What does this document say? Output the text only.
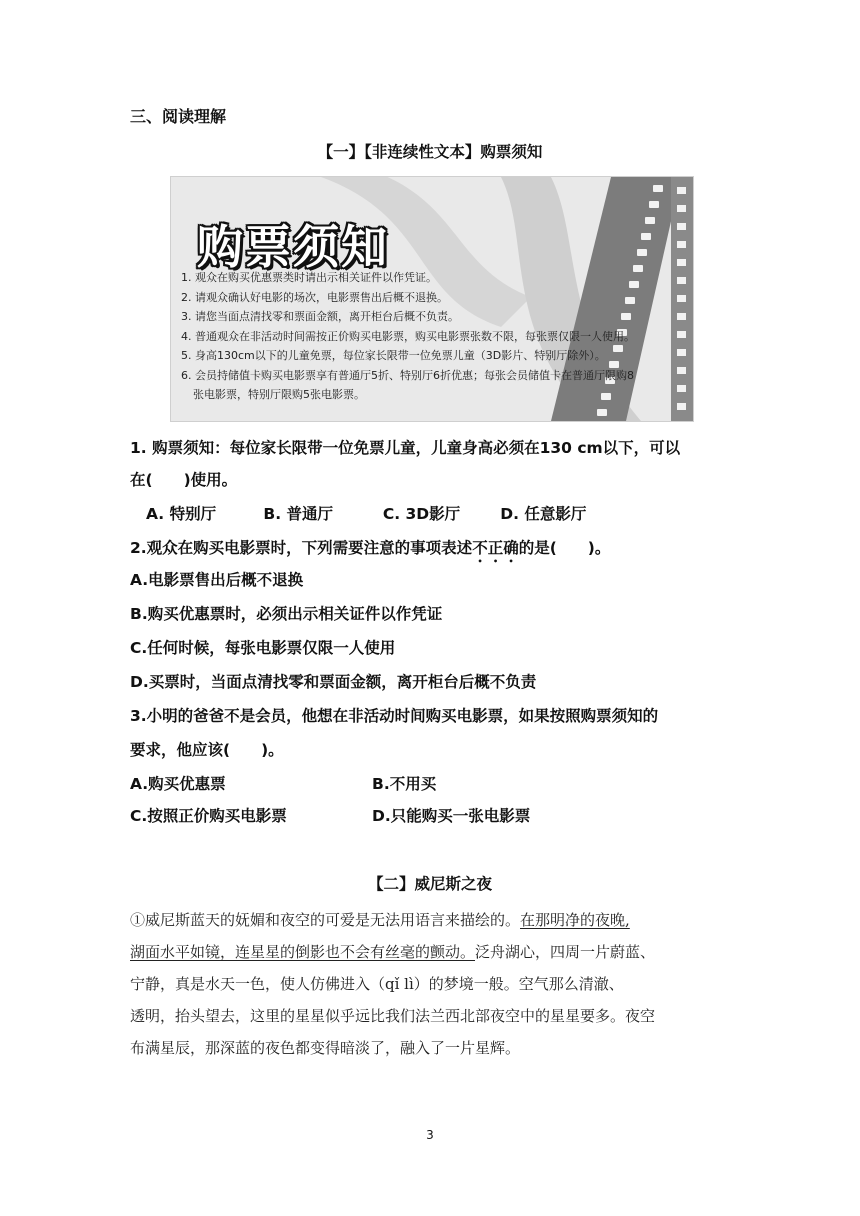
三、阅读理解
【一】【非连续性文本】购票须知
购票须知
1. 观众在购买优惠票类时请出示相关证件以作凭证。
2. 请观众确认好电影的场次，电影票售出后概不退换。
3. 请您当面点清找零和票面金额，离开柜台后概不负责。
4. 普通观众在非活动时间需按正价购买电影票，购买电影票张数不限，每张票仅限一人使用。
5. 身高130cm以下的儿童免票，每位家长限带一位免票儿童（3D影片、特别厅除外）。
6. 会员持储值卡购买电影票享有普通厅5折、特别厅6折优惠；每张会员储值卡在普通厅限购8
张电影票，特别厅限购5张电影票。
1. 购票须知：每位家长限带一位免票儿童，儿童身高必须在130 cm以下，可以
在(　　)使用。
A. 特别厅	B. 普通厅	C. 3D影厅	D. 任意影厅
2.观众在购买电影票时，下列需要注意的事项表述不正确的是(　　)。
A.电影票售出后概不退换
B.购买优惠票时，必须出示相关证件以作凭证
C.任何时候，每张电影票仅限一人使用
D.买票时，当面点清找零和票面金额，离开柜台后概不负责
3.小明的爸爸不是会员，他想在非活动时间购买电影票，如果按照购票须知的
要求，他应该(　　)。
A.购买优惠票	B.不用买
C.按照正价购买电影票	D.只能购买一张电影票
【二】威尼斯之夜
①威尼斯蓝天的妩媚和夜空的可爱是无法用语言来描绘的。在那明净的夜晚,
湖面水平如镜，连星星的倒影也不会有丝毫的颤动。泛舟湖心，四周一片蔚蓝、
宁静，真是水天一色，使人仿佛进入（qǐ lì）的梦境一般。空气那么清澈、
透明，抬头望去，这里的星星似乎远比我们法兰西北部夜空中的星星要多。夜空
布满星辰，那深蓝的夜色都变得暗淡了，融入了一片星辉。
3
